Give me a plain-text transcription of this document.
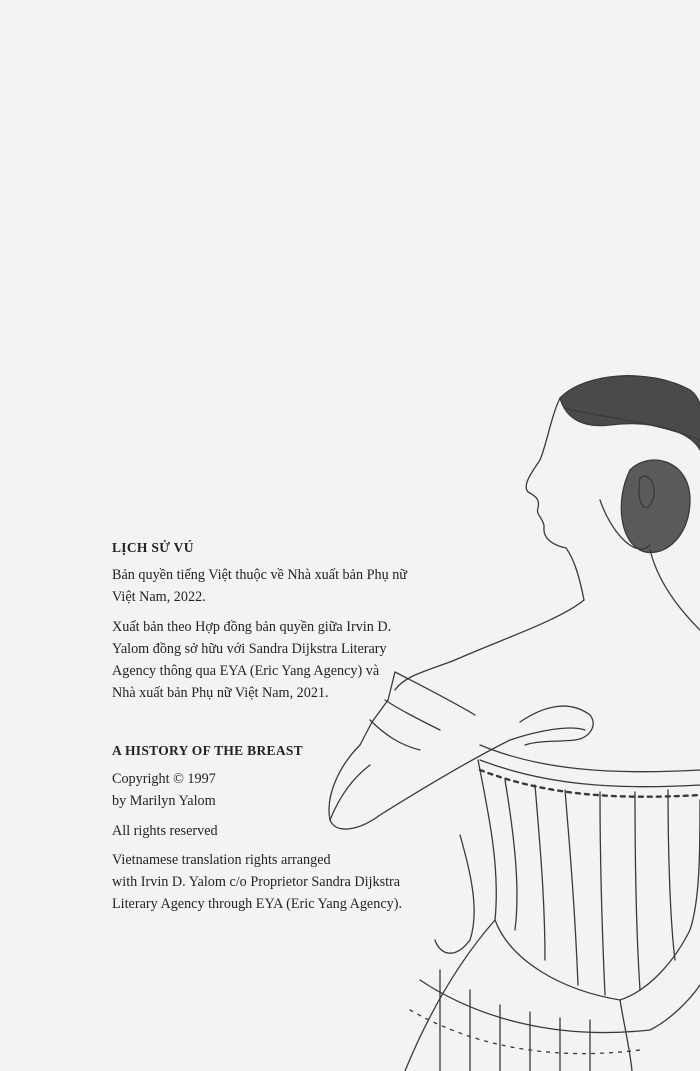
LỊCH SỬ VÚ
Bản quyền tiếng Việt thuộc về Nhà xuất bản Phụ nữ
Việt Nam, 2022.
Xuất bản theo Hợp đồng bản quyền giữa Irvin D.
Yalom đồng sở hữu với Sandra Dijkstra Literary
Agency thông qua EYA (Eric Yang Agency) và
Nhà xuất bản Phụ nữ Việt Nam, 2021.
A HISTORY OF THE BREAST
Copyright © 1997
by Marilyn Yalom
All rights reserved
Vietnamese translation rights arranged
with Irvin D. Yalom c/o Proprietor Sandra Dijkstra
Literary Agency through EYA (Eric Yang Agency).
